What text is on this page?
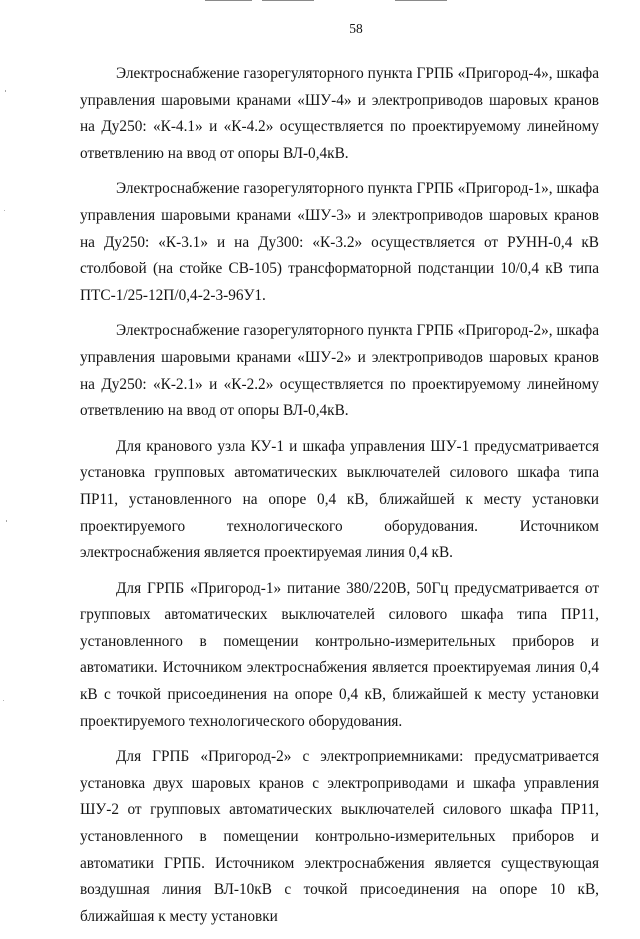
58

Электроснабжение газорегуляторного пункта ГРПБ «Пригород-4», шкафа управления шаровыми кранами «ШУ-4» и электроприводов шаровых кранов на Ду250: «К-4.1» и «К-4.2» осуществляется по проектируемому линейному ответвлению на ввод от опоры ВЛ-0,4кВ.

Электроснабжение газорегуляторного пункта ГРПБ «Пригород-1», шкафа управления шаровыми кранами «ШУ-3» и электроприводов шаровых кранов на Ду250: «К-3.1» и на Ду300: «К-3.2» осуществляется от РУНН-0,4 кВ столбовой (на стойке СВ-105) трансформаторной подстанции 10/0,4 кВ типа ПТС-1/25-12П/0,4-2-3-96У1.

Электроснабжение газорегуляторного пункта ГРПБ «Пригород-2», шкафа управления шаровыми кранами «ШУ-2» и электроприводов шаровых кранов на Ду250: «К-2.1» и «К-2.2» осуществляется по проектируемому линейному ответвлению на ввод от опоры ВЛ-0,4кВ.

Для кранового узла КУ-1 и шкафа управления ШУ-1 предусматривается установка групповых автоматических выключателей силового шкафа типа ПР11, установленного на опоре 0,4 кВ, ближайшей к месту установки проектируемого технологического оборудования. Источником электроснабжения является проектируемая линия 0,4 кВ.

Для ГРПБ «Пригород-1» питание 380/220В, 50Гц предусматривается от групповых автоматических выключателей силового шкафа типа ПР11, установленного в помещении контрольно-измерительных приборов и автоматики. Источником электроснабжения является проектируемая линия 0,4 кВ с точкой присоединения на опоре 0,4 кВ, ближайшей к месту установки проектируемого технологического оборудования.

Для ГРПБ «Пригород-2» с электроприемниками: предусматривается установка двух шаровых кранов с электроприводами и шкафа управления ШУ-2 от групповых автоматических выключателей силового шкафа ПР11, установленного в помещении контрольно-измерительных приборов и автоматики ГРПБ. Источником электроснабжения является существующая воздушная линия ВЛ-10кВ с точкой присоединения на опоре 10 кВ, ближайшая к месту установки
